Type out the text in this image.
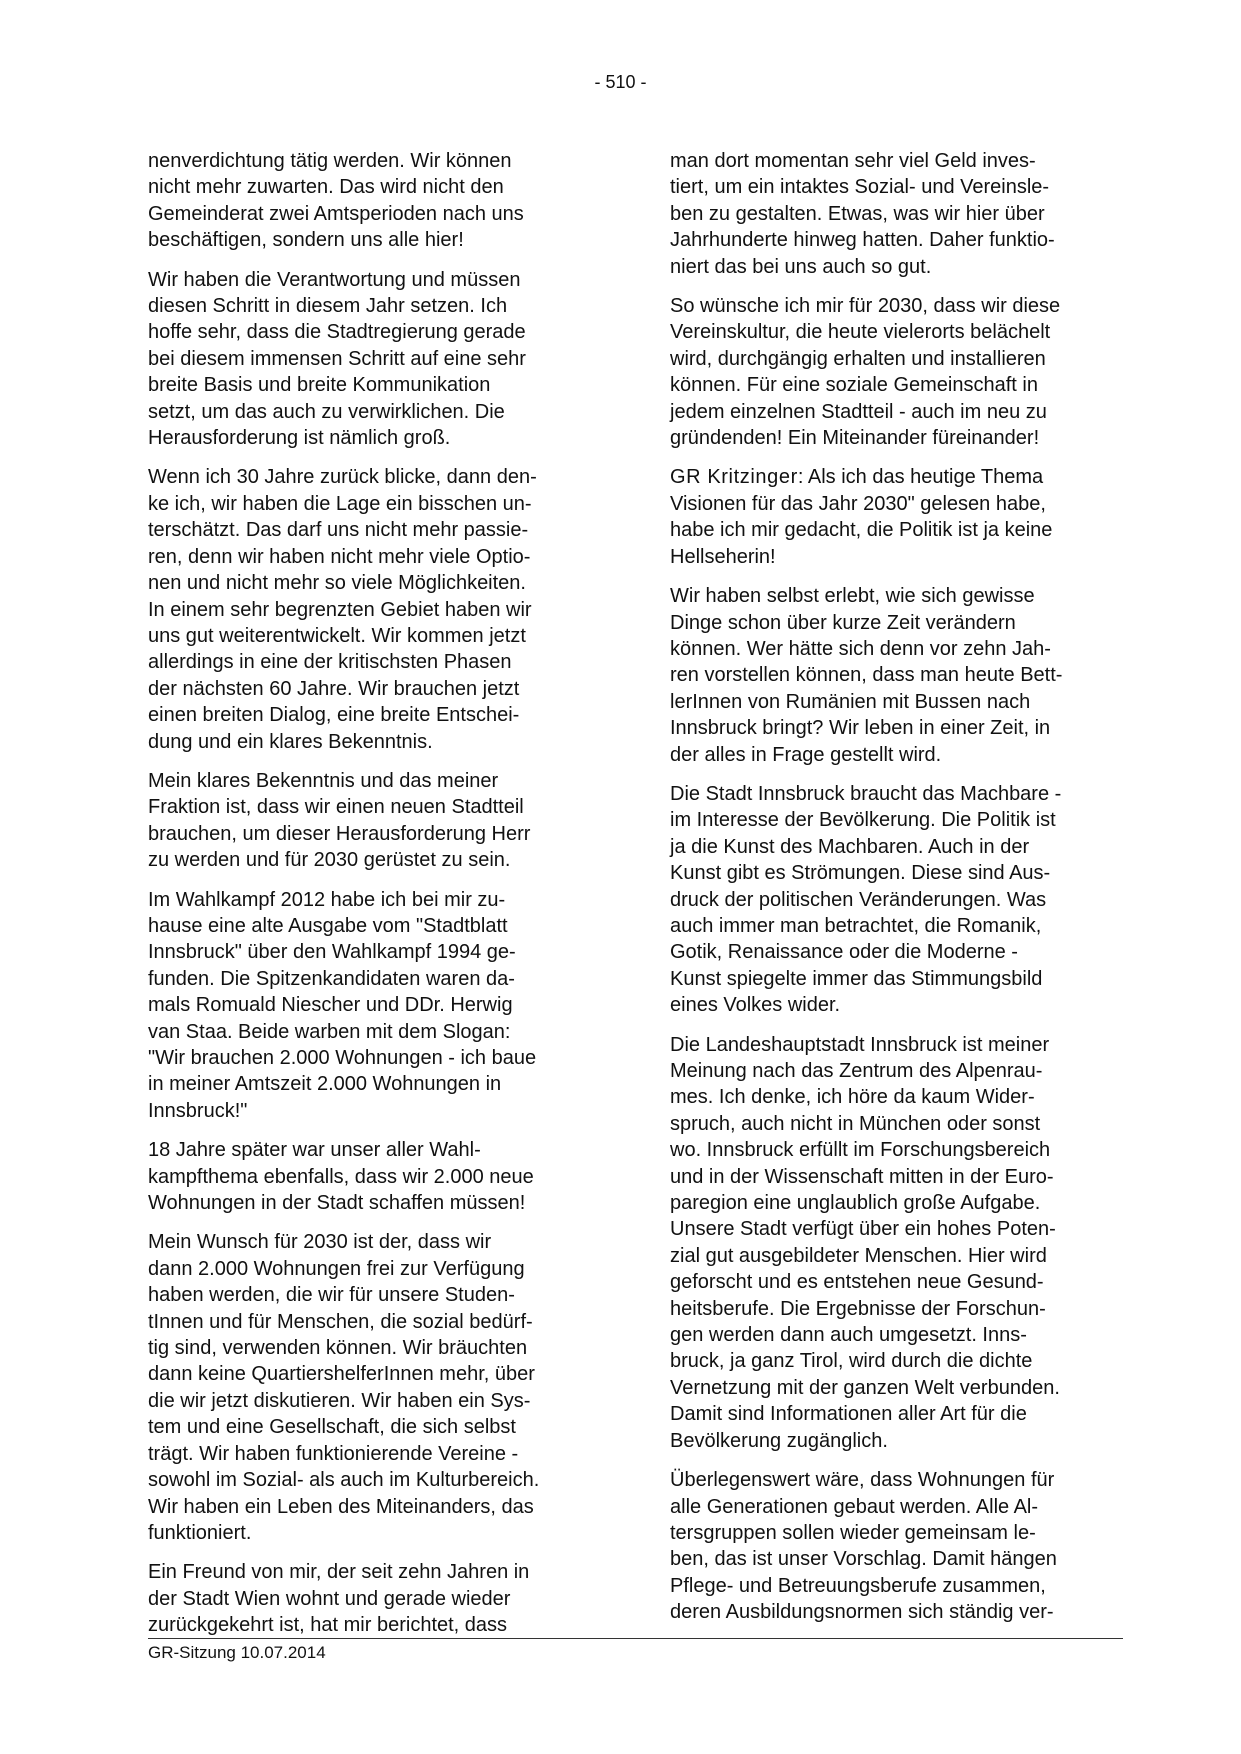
- 510 -

nenverdichtung tätig werden. Wir können
nicht mehr zuwarten. Das wird nicht den
Gemeinderat zwei Amtsperioden nach uns
beschäftigen, sondern uns alle hier!

Wir haben die Verantwortung und müssen
diesen Schritt in diesem Jahr setzen. Ich
hoffe sehr, dass die Stadtregierung gerade
bei diesem immensen Schritt auf eine sehr
breite Basis und breite Kommunikation
setzt, um das auch zu verwirklichen. Die
Herausforderung ist nämlich groß.

Wenn ich 30 Jahre zurück blicke, dann den-
ke ich, wir haben die Lage ein bisschen un-
terschätzt. Das darf uns nicht mehr passie-
ren, denn wir haben nicht mehr viele Optio-
nen und nicht mehr so viele Möglichkeiten.
In einem sehr begrenzten Gebiet haben wir
uns gut weiterentwickelt. Wir kommen jetzt
allerdings in eine der kritischsten Phasen
der nächsten 60 Jahre. Wir brauchen jetzt
einen breiten Dialog, eine breite Entschei-
dung und ein klares Bekenntnis.

Mein klares Bekenntnis und das meiner
Fraktion ist, dass wir einen neuen Stadtteil
brauchen, um dieser Herausforderung Herr
zu werden und für 2030 gerüstet zu sein.

Im Wahlkampf 2012 habe ich bei mir zu-
hause eine alte Ausgabe vom "Stadtblatt
Innsbruck" über den Wahlkampf 1994 ge-
funden. Die Spitzenkandidaten waren da-
mals Romuald Niescher und DDr. Herwig
van Staa. Beide warben mit dem Slogan:
"Wir brauchen 2.000 Wohnungen - ich baue
in meiner Amtszeit 2.000 Wohnungen in
Innsbruck!"

18 Jahre später war unser aller Wahl-
kampfthema ebenfalls, dass wir 2.000 neue
Wohnungen in der Stadt schaffen müssen!

Mein Wunsch für 2030 ist der, dass wir
dann 2.000 Wohnungen frei zur Verfügung
haben werden, die wir für unsere Studen-
tInnen und für Menschen, die sozial bedürf-
tig sind, verwenden können. Wir bräuchten
dann keine QuartiershelferInnen mehr, über
die wir jetzt diskutieren. Wir haben ein Sys-
tem und eine Gesellschaft, die sich selbst
trägt. Wir haben funktionierende Vereine -
sowohl im Sozial- als auch im Kulturbereich.
Wir haben ein Leben des Miteinanders, das
funktioniert.

Ein Freund von mir, der seit zehn Jahren in
der Stadt Wien wohnt und gerade wieder
zurückgekehrt ist, hat mir berichtet, dass

man dort momentan sehr viel Geld inves-
tiert, um ein intaktes Sozial- und Vereinsle-
ben zu gestalten. Etwas, was wir hier über
Jahrhunderte hinweg hatten. Daher funktio-
niert das bei uns auch so gut.

So wünsche ich mir für 2030, dass wir diese
Vereinskultur, die heute vielerorts belächelt
wird, durchgängig erhalten und installieren
können. Für eine soziale Gemeinschaft in
jedem einzelnen Stadtteil - auch im neu zu
gründenden! Ein Miteinander füreinander!

GR Kritzinger: Als ich das heutige Thema
Visionen für das Jahr 2030" gelesen habe,
habe ich mir gedacht, die Politik ist ja keine
Hellseherin!

Wir haben selbst erlebt, wie sich gewisse
Dinge schon über kurze Zeit verändern
können. Wer hätte sich denn vor zehn Jah-
ren vorstellen können, dass man heute Bett-
lerInnen von Rumänien mit Bussen nach
Innsbruck bringt? Wir leben in einer Zeit, in
der alles in Frage gestellt wird.

Die Stadt Innsbruck braucht das Machbare -
im Interesse der Bevölkerung. Die Politik ist
ja die Kunst des Machbaren. Auch in der
Kunst gibt es Strömungen. Diese sind Aus-
druck der politischen Veränderungen. Was
auch immer man betrachtet, die Romanik,
Gotik, Renaissance oder die Moderne -
Kunst spiegelte immer das Stimmungsbild
eines Volkes wider.

Die Landeshauptstadt Innsbruck ist meiner
Meinung nach das Zentrum des Alpenrau-
mes. Ich denke, ich höre da kaum Wider-
spruch, auch nicht in München oder sonst
wo. Innsbruck erfüllt im Forschungsbereich
und in der Wissenschaft mitten in der Euro-
paregion eine unglaublich große Aufgabe.
Unsere Stadt verfügt über ein hohes Poten-
zial gut ausgebildeter Menschen. Hier wird
geforscht und es entstehen neue Gesund-
heitsberufe. Die Ergebnisse der Forschun-
gen werden dann auch umgesetzt. Inns-
bruck, ja ganz Tirol, wird durch die dichte
Vernetzung mit der ganzen Welt verbunden.
Damit sind Informationen aller Art für die
Bevölkerung zugänglich.

Überlegenswert wäre, dass Wohnungen für
alle Generationen gebaut werden. Alle Al-
tersgruppen sollen wieder gemeinsam le-
ben, das ist unser Vorschlag. Damit hängen
Pflege- und Betreuungsberufe zusammen,
deren Ausbildungsnormen sich ständig ver-

GR-Sitzung 10.07.2014
